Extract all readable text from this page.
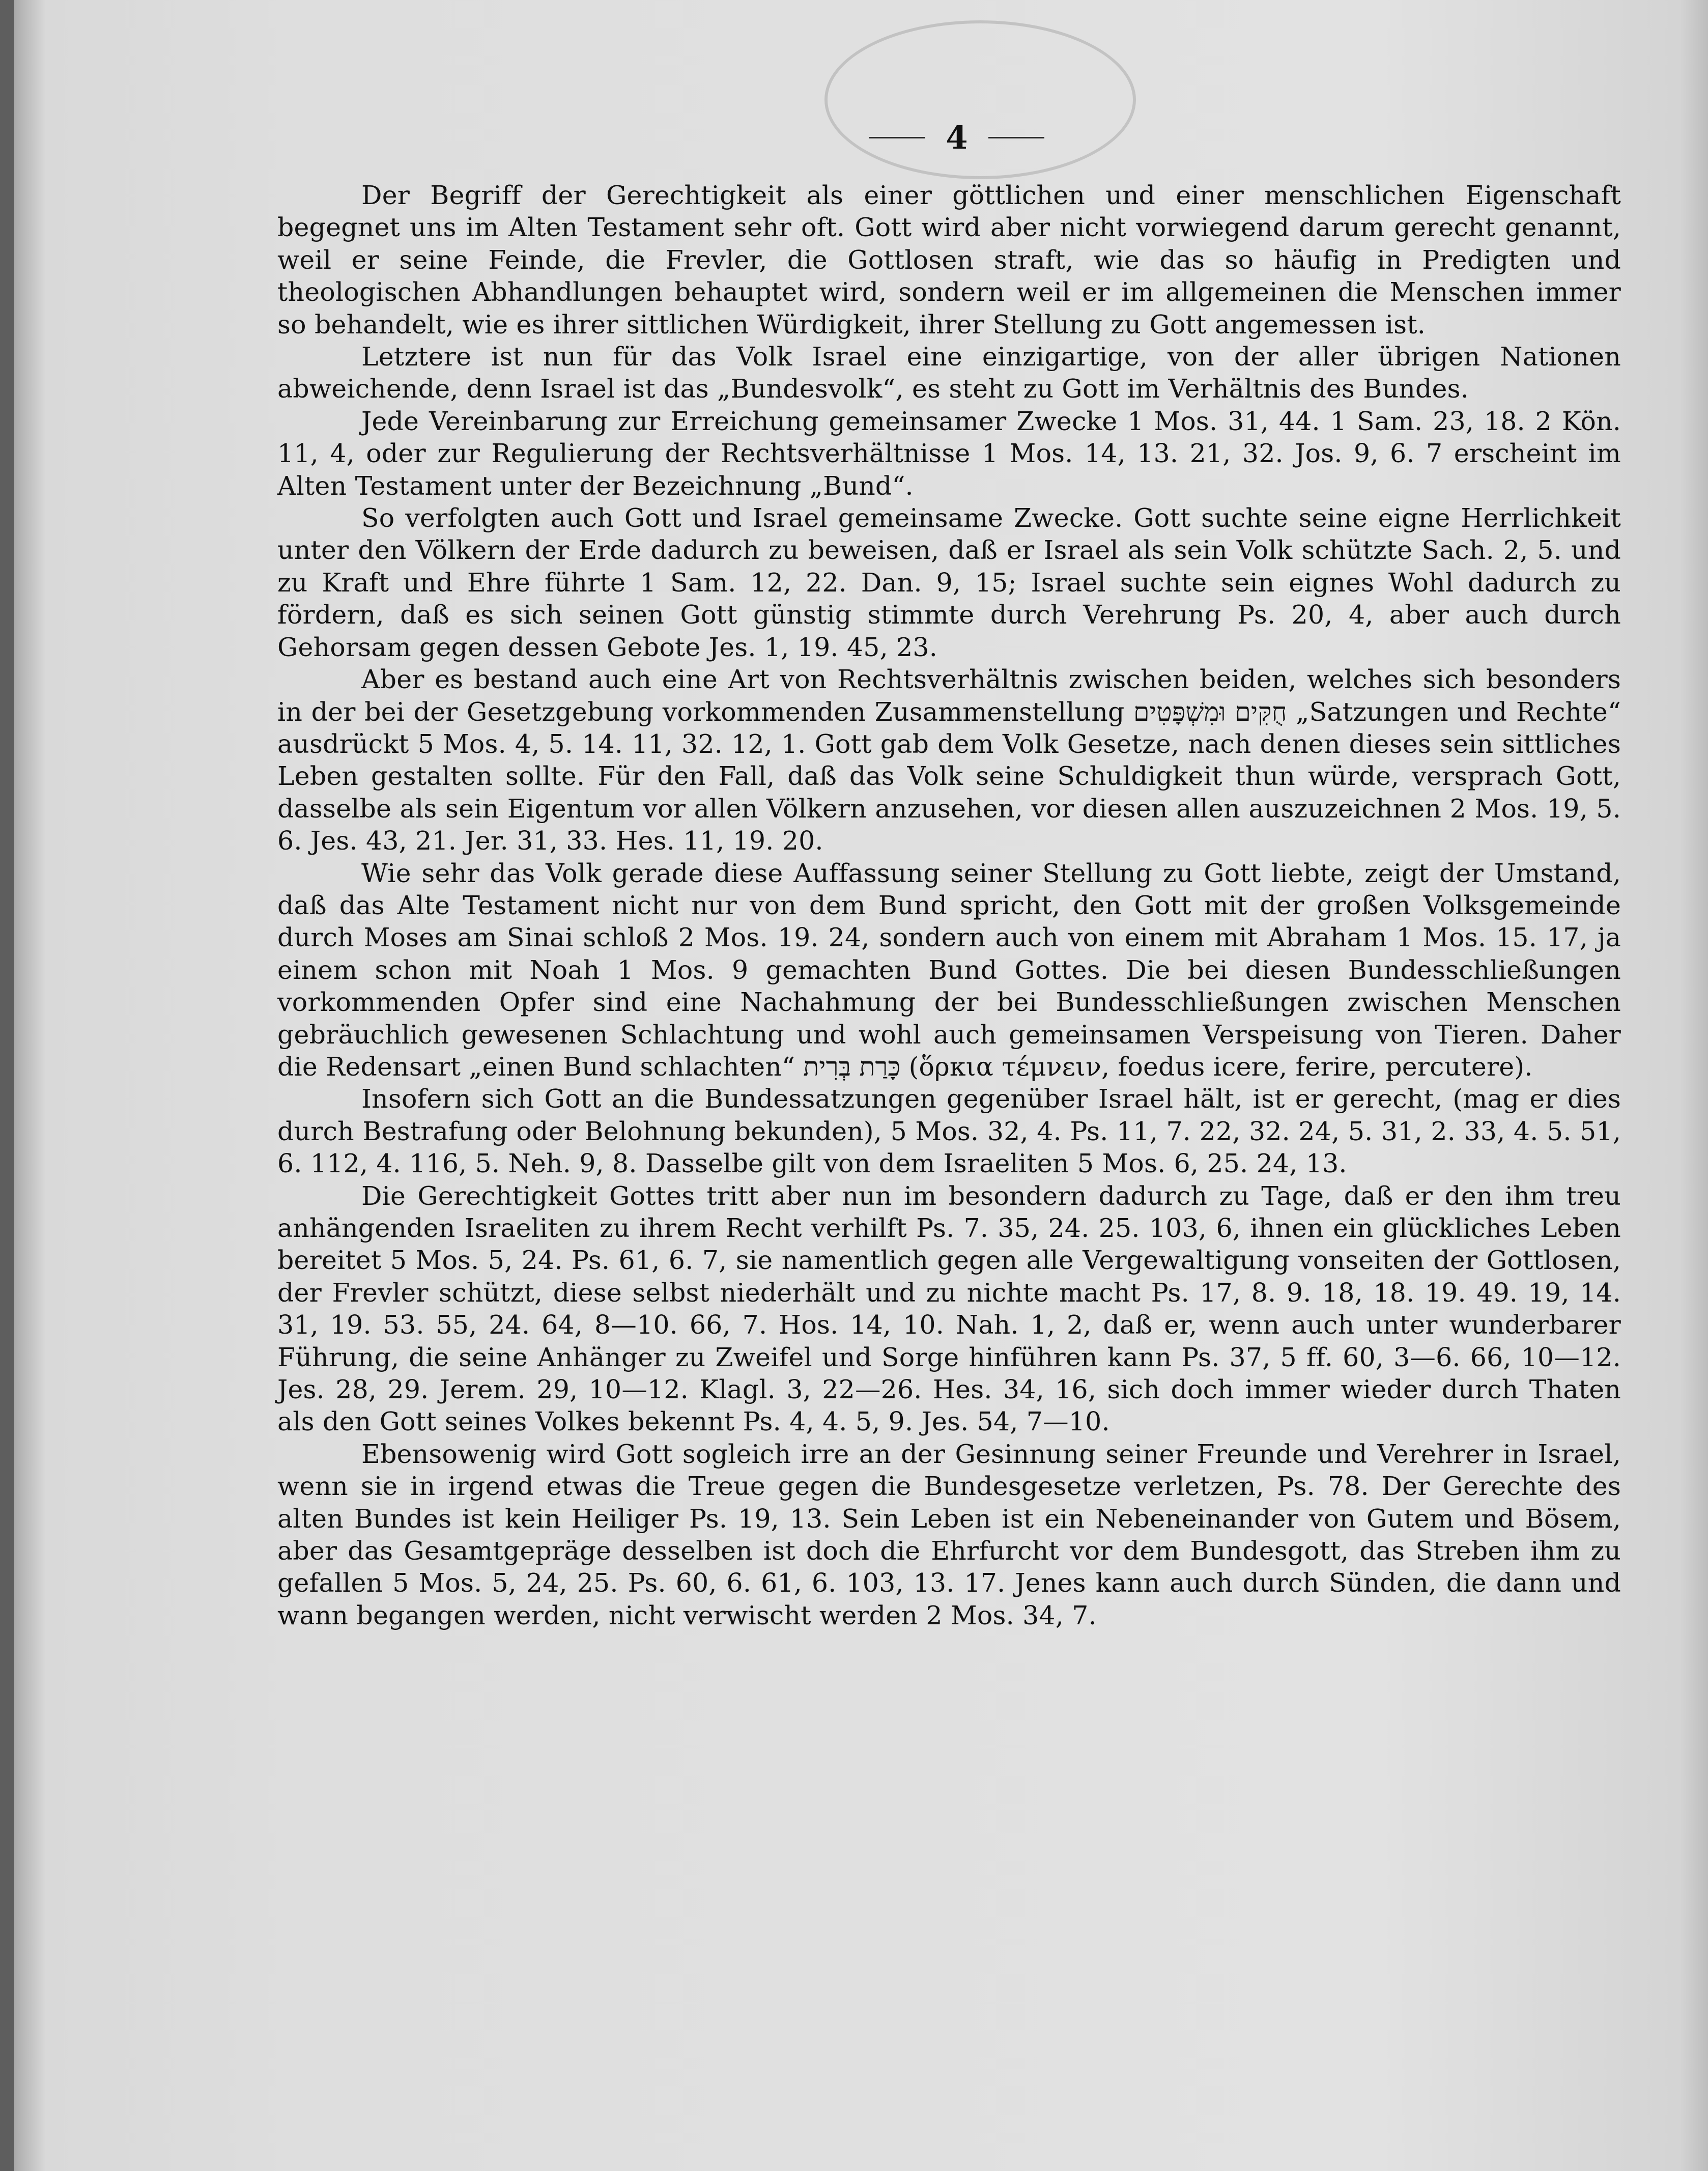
4

Der Begriff der Gerechtigkeit als einer göttlichen und einer menschlichen Eigenschaft begegnet uns im Alten Testament sehr oft. Gott wird aber nicht vorwiegend darum gerecht genannt, weil er seine Feinde, die Frevler, die Gottlosen straft, wie das so häufig in Predigten und theologischen Abhandlungen behauptet wird, sondern weil er im allgemeinen die Menschen immer so behandelt, wie es ihrer sittlichen Würdigkeit, ihrer Stellung zu Gott angemessen ist.

Letztere ist nun für das Volk Israel eine einzigartige, von der aller übrigen Nationen abweichende, denn Israel ist das „Bundesvolk“, es steht zu Gott im Verhältnis des Bundes.

Jede Vereinbarung zur Erreichung gemeinsamer Zwecke 1 Mos. 31, 44. 1 Sam. 23, 18. 2 Kön. 11, 4, oder zur Regulierung der Rechtsverhältnisse 1 Mos. 14, 13. 21, 32. Jos. 9, 6. 7 erscheint im Alten Testament unter der Bezeichnung „Bund“.

So verfolgten auch Gott und Israel gemeinsame Zwecke. Gott suchte seine eigne Herrlichkeit unter den Völkern der Erde dadurch zu beweisen, daß er Israel als sein Volk schützte Sach. 2, 5. und zu Kraft und Ehre führte 1 Sam. 12, 22. Dan. 9, 15; Israel suchte sein eignes Wohl dadurch zu fördern, daß es sich seinen Gott günstig stimmte durch Verehrung Ps. 20, 4, aber auch durch Gehorsam gegen dessen Gebote Jes. 1, 19. 45, 23.

Aber es bestand auch eine Art von Rechtsverhältnis zwischen beiden, welches sich besonders in der bei der Gesetzgebung vorkommenden Zusammenstellung חֻקִּים וּמִשְׁפָּטִים „Satzungen und Rechte“ ausdrückt 5 Mos. 4, 5. 14. 11, 32. 12, 1. Gott gab dem Volk Gesetze, nach denen dieses sein sittliches Leben gestalten sollte. Für den Fall, daß das Volk seine Schuldigkeit thun würde, versprach Gott, dasselbe als sein Eigentum vor allen Völkern anzusehen, vor diesen allen auszuzeichnen 2 Mos. 19, 5. 6. Jes. 43, 21. Jer. 31, 33. Hes. 11, 19. 20.

Wie sehr das Volk gerade diese Auffassung seiner Stellung zu Gott liebte, zeigt der Umstand, daß das Alte Testament nicht nur von dem Bund spricht, den Gott mit der großen Volksgemeinde durch Moses am Sinai schloß 2 Mos. 19. 24, sondern auch von einem mit Abraham 1 Mos. 15. 17, ja einem schon mit Noah 1 Mos. 9 gemachten Bund Gottes. Die bei diesen Bundesschließungen vorkommenden Opfer sind eine Nachahmung der bei Bundesschließungen zwischen Menschen gebräuchlich gewesenen Schlachtung und wohl auch gemeinsamen Verspeisung von Tieren. Daher die Redensart „einen Bund schlachten“ כָּרַת בְּרִית (ὅρκια τέμνειν, foedus icere, ferire, percutere).

Insofern sich Gott an die Bundessatzungen gegenüber Israel hält, ist er gerecht, (mag er dies durch Bestrafung oder Belohnung bekunden), 5 Mos. 32, 4. Ps. 11, 7. 22, 32. 24, 5. 31, 2. 33, 4. 5. 51, 6. 112, 4. 116, 5. Neh. 9, 8. Dasselbe gilt von dem Israeliten 5 Mos. 6, 25. 24, 13.

Die Gerechtigkeit Gottes tritt aber nun im besondern dadurch zu Tage, daß er den ihm treu anhängenden Israeliten zu ihrem Recht verhilft Ps. 7. 35, 24. 25. 103, 6, ihnen ein glückliches Leben bereitet 5 Mos. 5, 24. Ps. 61, 6. 7, sie namentlich gegen alle Vergewaltigung vonseiten der Gottlosen, der Frevler schützt, diese selbst niederhält und zu nichte macht Ps. 17, 8. 9. 18, 18. 19. 49. 19, 14. 31, 19. 53. 55, 24. 64, 8—10. 66, 7. Hos. 14, 10. Nah. 1, 2, daß er, wenn auch unter wunderbarer Führung, die seine Anhänger zu Zweifel und Sorge hinführen kann Ps. 37, 5 ff. 60, 3—6. 66, 10—12. Jes. 28, 29. Jerem. 29, 10—12. Klagl. 3, 22—26. Hes. 34, 16, sich doch immer wieder durch Thaten als den Gott seines Volkes bekennt Ps. 4, 4. 5, 9. Jes. 54, 7—10.

Ebensowenig wird Gott sogleich irre an der Gesinnung seiner Freunde und Verehrer in Israel, wenn sie in irgend etwas die Treue gegen die Bundesgesetze verletzen, Ps. 78. Der Gerechte des alten Bundes ist kein Heiliger Ps. 19, 13. Sein Leben ist ein Nebeneinander von Gutem und Bösem, aber das Gesamtgepräge desselben ist doch die Ehrfurcht vor dem Bundesgott, das Streben ihm zu gefallen 5 Mos. 5, 24, 25. Ps. 60, 6. 61, 6. 103, 13. 17. Jenes kann auch durch Sünden, die dann und wann begangen werden, nicht verwischt werden 2 Mos. 34, 7.
